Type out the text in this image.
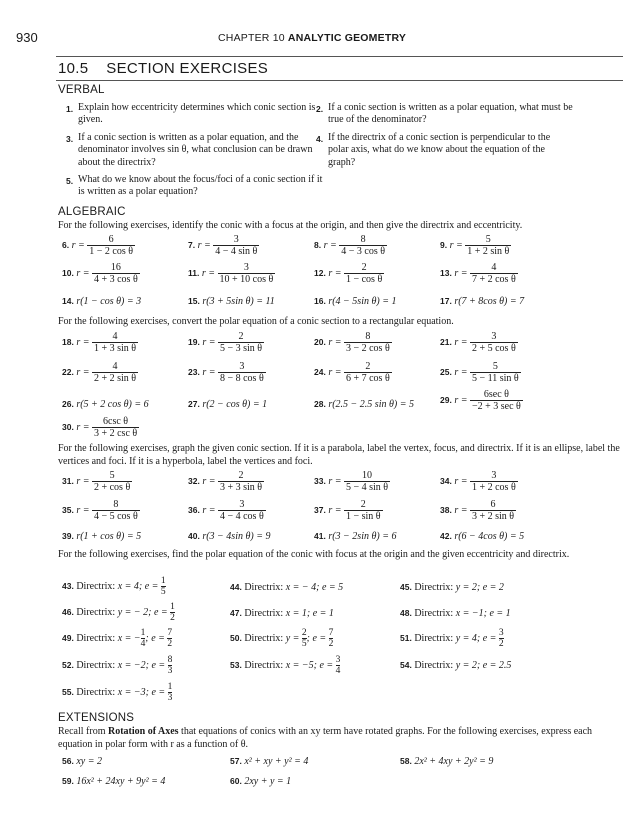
930	CHAPTER 10 ANALYTIC GEOMETRY
10.5 SECTION EXERCISES
VERBAL
1. Explain how eccentricity determines which conic section is given.
2. If a conic section is written as a polar equation, what must be true of the denominator?
3. If a conic section is written as a polar equation, and the denominator involves sin θ, what conclusion can be drawn about the directrix?
4. If the directrix of a conic section is perpendicular to the polar axis, what do we know about the equation of the graph?
5. What do we know about the focus/foci of a conic section if it is written as a polar equation?
ALGEBRAIC
For the following exercises, identify the conic with a focus at the origin, and then give the directrix and eccentricity.
6. $r = \frac{6}{\text{1 − 2 cos θ}}$	7. $r = \frac{3}{\text{4 − 4 sin θ}}$	8. $r = \frac{8}{\text{4 − 3 cos θ}}$	9. $r = \frac{5}{\text{1 + 2 sin θ}}$
10. $r = \frac{16}{\text{4 + 3 cos θ}}$	11. $r = \frac{3}{\text{10 + 10 cos θ}}$	12. $r = \frac{2}{\text{1 − cos θ}}$	13. $r = \frac{4}{\text{7 + 2 cos θ}}$
14. r(1 − cos θ) = 3	15. r(3 + 5sin θ) = 11	16. r(4 − 5sin θ) = 1	17. r(7 + 8cos θ) = 7
For the following exercises, convert the polar equation of a conic section to a rectangular equation.
18. $r = \frac{4}{\text{1 + 3 sin θ}}$	19. $r = \frac{2}{\text{5 − 3 sin θ}}$	20. $r = \frac{8}{\text{3 − 2 cos θ}}$	21. $r = \frac{3}{\text{2 + 5 cos θ}}$
22. $r = \frac{4}{\text{2 + 2 sin θ}}$	23. $r = \frac{3}{\text{8 − 8 cos θ}}$	24. $r = \frac{2}{\text{6 + 7 cos θ}}$	25. $r = \frac{5}{\text{5 − 11 sin θ}}$
26. r(5 + 2 cos θ) = 6	27. r(2 − cos θ) = 1	28. r(2.5 − 2.5 sin θ) = 5	29. r =
6sec θ
−2 + 3 sec θ
30. r =
6csc θ
3 + 2 csc θ
For the following exercises, graph the given conic section. If it is a parabola, label the vertex, focus, and directrix. If it is an ellipse, label the vertices and foci. If it is a hyperbola, label the vertices and foci.
31. $r = \frac{5}{\text{2 + cos θ}}$	32. $r = \frac{2}{\text{3 + 3 sin θ}}$	33. $r = \frac{10}{\text{5 − 4 sin θ}}$	34. $r = \frac{3}{\text{1 + 2 cos θ}}$
35. $r = \frac{8}{\text{4 − 5 cos θ}}$	36. $r = \frac{3}{\text{4 − 4 cos θ}}$	37. $r = \frac{2}{\text{1 − sin θ}}$	38. $r = \frac{6}{\text{3 + 2 sin θ}}$
39. r(1 + cos θ) = 5	40. r(3 − 4sin θ) = 9	41. r(3 − 2sin θ) = 6	42. r(6 − 4cos θ) = 5
For the following exercises, find the polar equation of the conic with focus at the origin and the given eccentricity and directrix.
43. Directrix: x = 4; $e = \frac{1}{5}$	44. Directrix: x = − 4; e = 5	45. Directrix: y = 2; e = 2
46. Directrix: y = − 2; $e = \frac{1}{2}$	47. Directrix: x = 1; e = 1	48. Directrix: x = −1; e = 1
49. Directrix: x = − $\frac{1}{4}$ ; $e = \frac{7}{2}$	50. Directrix: $y = \frac{2}{5}$ ; $e = \frac{7}{2}$	51. Directrix: y = 4; $e = \frac{3}{2}$
52. Directrix: x = −2; $e = \frac{8}{3}$	53. Directrix: x = −5; $e = \frac{3}{4}$	54. Directrix: y = 2; e = 2.5
55. Directrix: x = −3; $e = \frac{1}{3}$
EXTENSIONS
Recall from Rotation of Axes that equations of conics with an xy term have rotated graphs. For the following exercises, express each equation in polar form with r as a function of θ.
56. xy = 2	57. x² + xy + y² = 4	58. 2x² + 4xy + 2y² = 9
59. 16x² + 24xy + 9y² = 4	60. 2xy + y = 1
